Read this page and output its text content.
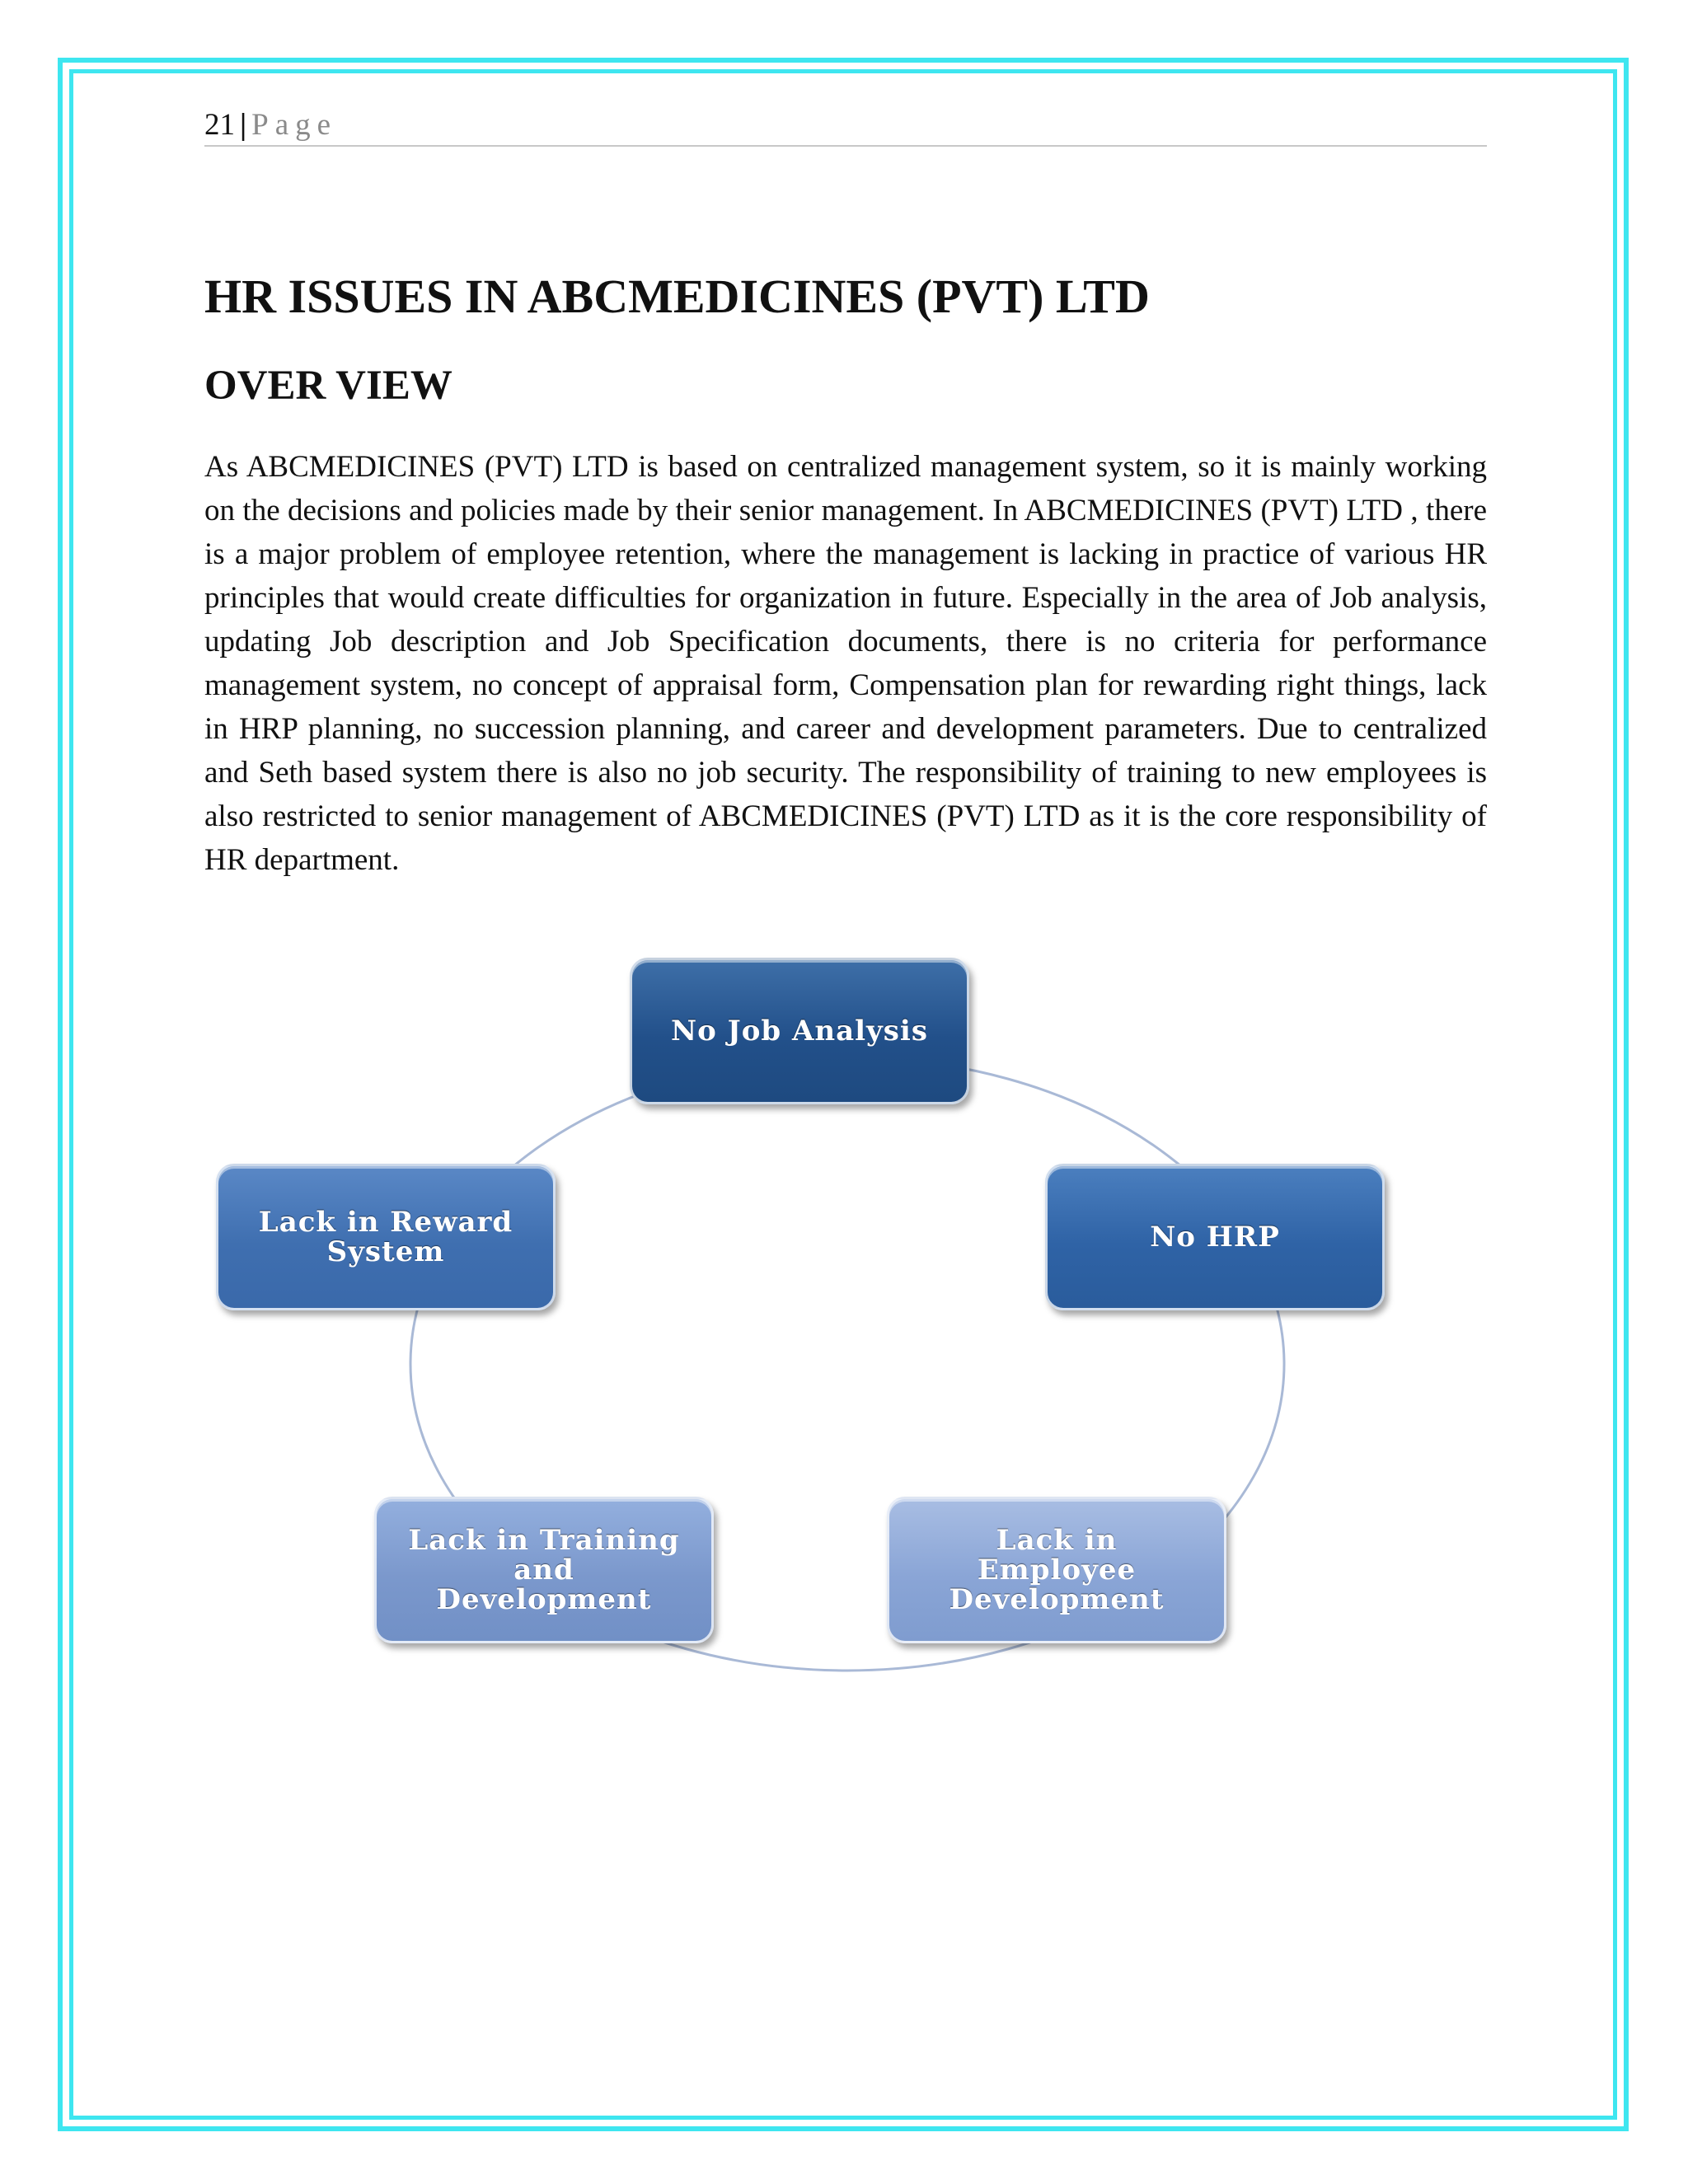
21 | Page
HR ISSUES IN ABCMEDICINES (PVT) LTD
OVER VIEW

As ABCMEDICINES (PVT) LTD is based on centralized management system, so it is mainly working on the decisions and policies made by their senior management. In ABCMEDICINES (PVT) LTD , there is a major problem of employee retention, where the management is lacking in practice of various HR principles that would create difficulties for organization in future. Especially in the area of Job analysis, updating Job description and Job Specification documents, there is no criteria for performance management system, no concept of appraisal form, Compensation plan for rewarding right things, lack in HRP planning, no succession planning, and career and development parameters. Due to centralized and Seth based system there is also no job security. The responsibility of training to new employees is also restricted to senior management of ABCMEDICINES (PVT) LTD as it is the core responsibility of HR department.

No Job Analysis
No HRP
Lack in
Employee
Development
Lack in Training
and
Development
Lack in Reward
System
